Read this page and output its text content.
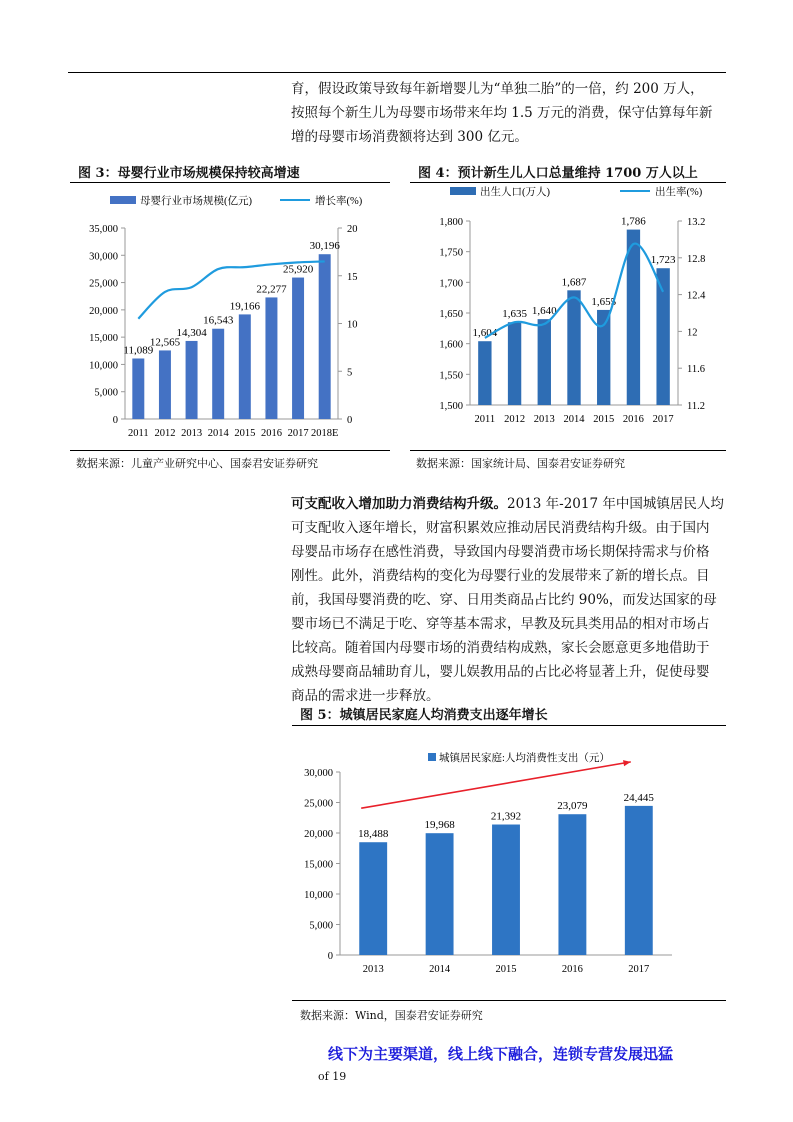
育，假设政策导致每年新增婴儿为“单独二胎”的一倍，约 200 万人，

按照每个新生儿为母婴市场带来年均 1.5 万元的消费，保守估算每年新

增的母婴市场消费额将达到 300 亿元。

图 3：母婴行业市场规模保持较高增速
0
5,000
10,000
15,000
20,000
25,000
30,000
35,000
0
5
10
15
20
11,089
2011
12,565
2012
14,304
2013
16,543
2014
19,166
2015
22,277
2016
25,920
2017
30,196
2018E
母婴行业市场规模(亿元)	增长率(%)
数据来源：儿童产业研究中心、国泰君安证券研究
图 4：预计新生儿人口总量维持 1700 万人以上
1,500
1,550
1,600
1,650
1,700
1,750
1,800
11.2
11.6
12
12.4
12.8
13.2
1,604
2011
1,635
2012
1,640
2013
1,687
2014
1,655
2015
1,786
2016
1,723
2017
出生人口(万人)	出生率(%)
数据来源：国家统计局、国泰君安证券研究

可支配收入增加助力消费结构升级。2013 年-2017 年中国城镇居民人均

可支配收入逐年增长，财富积累效应推动居民消费结构升级。由于国内

母婴品市场存在感性消费，导致国内母婴消费市场长期保持需求与价格

刚性。此外，消费结构的变化为母婴行业的发展带来了新的增长点。目

前，我国母婴消费的吃、穿、日用类商品占比约 90%，而发达国家的母

婴市场已不满足于吃、穿等基本需求，早教及玩具类用品的相对市场占

比较高。随着国内母婴市场的消费结构成熟，家长会愿意更多地借助于

成熟母婴商品辅助育儿，婴儿娱教用品的占比必将显著上升，促使母婴

商品的需求进一步释放。

图 5：城镇居民家庭人均消费支出逐年增长
0
5,000
10,000
15,000
20,000
25,000
30,000
18,488
2013
19,968
2014
21,392
2015
23,079
2016
24,445
2017
城镇居民家庭:人均消费性支出（元）
数据来源：Wind，国泰君安证券研究
线下为主要渠道，线上线下融合，连锁专营发展迅猛
of 19
